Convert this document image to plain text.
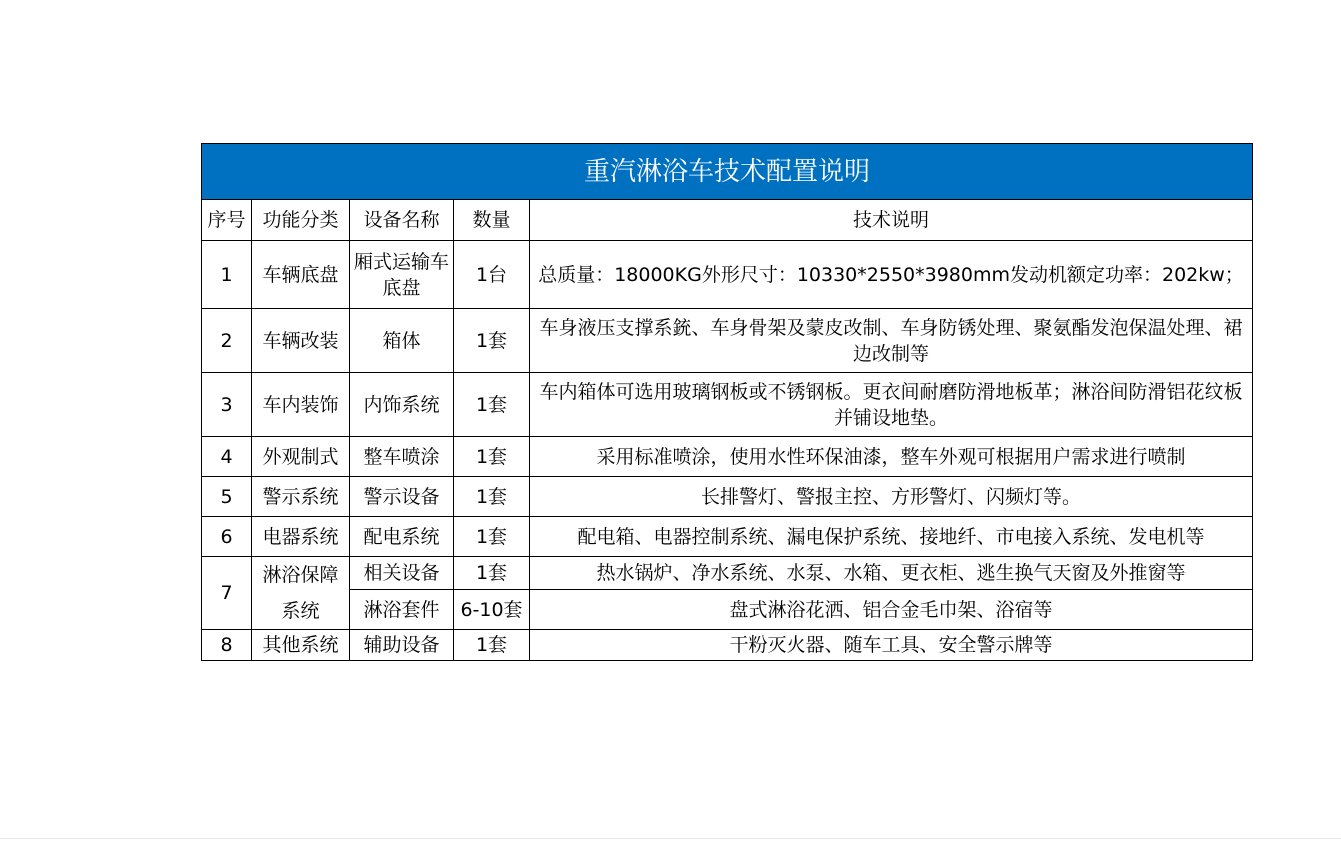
重汽淋浴车技术配置说明				
序号	功能分类	设备名称	数量	技术说明
1	车辆底盘	厢式运输车底盘	1台	总质量：18000KG外形尺寸：10330*2550*3980mm发动机额定功率：202kw；
2	车辆改装	箱体	1套	车身液压支撑系銃、车身骨架及蒙皮改制、车身防锈处理、聚氨酯发泡保温处理、裙边改制等
3	车内装饰	内饰系统	1套	车内箱体可选用玻璃钢板或不锈钢板。更衣间耐磨防滑地板革；淋浴间防滑铝花纹板并铺设地垫。
4	外观制式	整车喷涂	1套	采用标准喷涂，使用水性环保油漆，整车外观可根据用户需求进行喷制
5	警示系统	警示设备	1套	长排警灯、警报主控、方形警灯、闪频灯等。
6	电器系统	配电系统	1套	配电箱、电器控制系统、漏电保护系统、接地纤、市电接入系统、发电机等
7	淋浴保障系统	相关设备	1套	热水锅炉、净水系统、水泵、水箱、更衣柜、逃生换气天窗及外推窗等
		淋浴套件	6-10套	盘式淋浴花洒、铝合金毛巾架、浴宿等
8	其他系统	辅助设备	1套	干粉灭火器、随车工具、安全警示牌等
